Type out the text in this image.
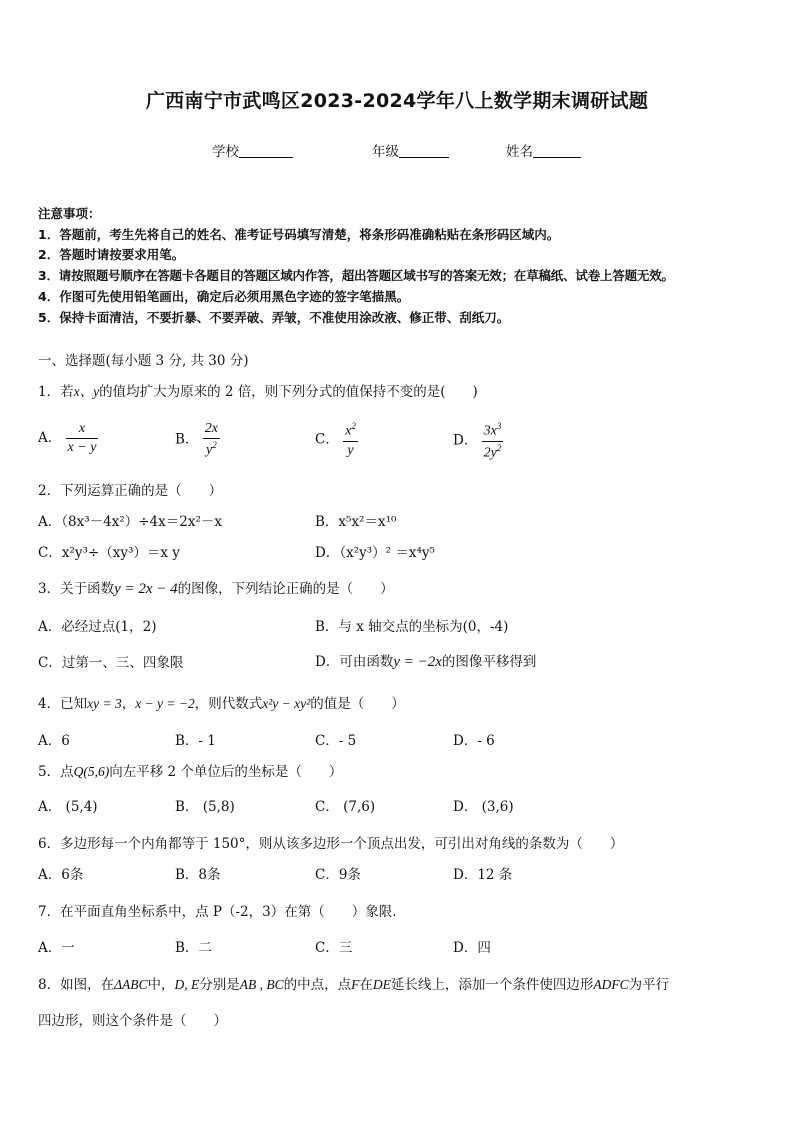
广西南宁市武鸣区2023-2024学年八上数学期末调研试题
学校	年级	姓名
注意事项：
1．答题前，考生先将自己的姓名、准考证号码填写清楚，将条形码准确粘贴在条形码区域内。
2．答题时请按要求用笔。
3．请按照题号顺序在答题卡各题目的答题区域内作答，超出答题区域书写的答案无效；在草稿纸、试卷上答题无效。
4．作图可先使用铅笔画出，确定后必须用黑色字迹的签字笔描黑。
5．保持卡面清洁，不要折暴、不要弄破、弄皱，不准使用涂改液、修正带、刮纸刀。
一、选择题(每小题 3 分, 共 30 分)
1．若x、y的值均扩大为原来的 2 倍，则下列分式的值保持不变的是(　　)
A． $\frac{x}{x - y}$	B． $\frac{2x}{y^2}$	C． $\frac{x^2}{y}$	D． $\frac{3x^3}{2y^2}$
2．下列运算正确的是（　　）
A．（8x³－4x²）÷4x＝2x²－x	B．x⁵x²＝x¹⁰
C．x²y³÷（xy³）＝x y	D．（x²y³）² ＝x⁴y⁵
3．关于函数y = 2x − 4的图像，下列结论正确的是（　　）
A．必经过点(1，2)	B．与 x 轴交点的坐标为(0，-4)
C．过第一、三、四象限	D．可由函数y = −2x的图像平移得到
4．已知xy = 3，x − y = −2，则代数式x²y − xy²的值是（　　）
A．6	B．- 1	C．- 5	D．- 6
5．点Q(5,6)向左平移 2 个单位后的坐标是（　　）
A． (5,4)	B． (5,8)	C． (7,6)	D． (3,6)
6．多边形每一个内角都等于 150°，则从该多边形一个顶点出发，可引出对角线的条数为（　　）
A．6条	B．8条	C．9条	D．12 条
7．在平面直角坐标系中，点 P（-2，3）在第（　　）象限.
A．一	B．二	C．三	D．四
8．如图，在ΔABC中，D, E分别是AB , BC的中点，点F在DE延长线上，添加一个条件使四边形ADFC为平行
四边形，则这个条件是（　　）
